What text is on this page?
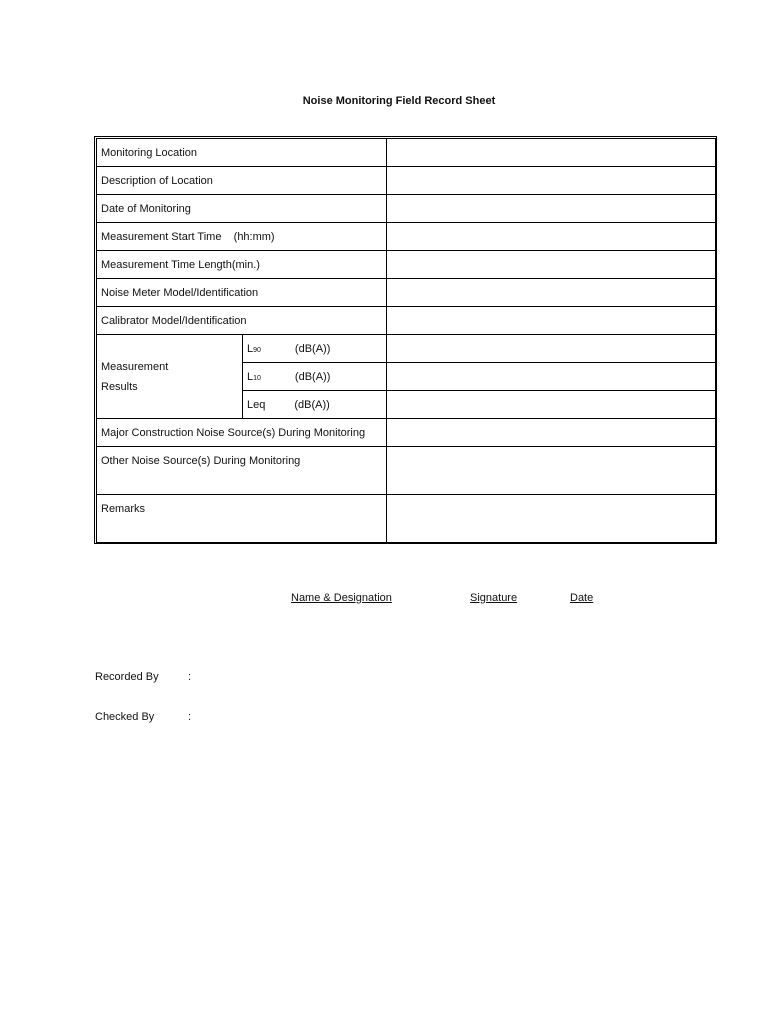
Noise Monitoring Field Record Sheet
Monitoring Location		
Description of Location		
Date of Monitoring		
Measurement Start Time    (hh:mm)		
Measurement Time Length(min.)		
Noise Meter Model/Identification		
Calibrator Model/Identification		

Measurement
Results	L90 (dB(A))	
	L10 (dB(A))	
	Leq (dB(A))	
Major Construction Noise Source(s) During Monitoring		
Other Noise Source(s) During Monitoring		
Remarks		
Name & Designation	Signature	Date
Recorded By	:
Checked By	:
